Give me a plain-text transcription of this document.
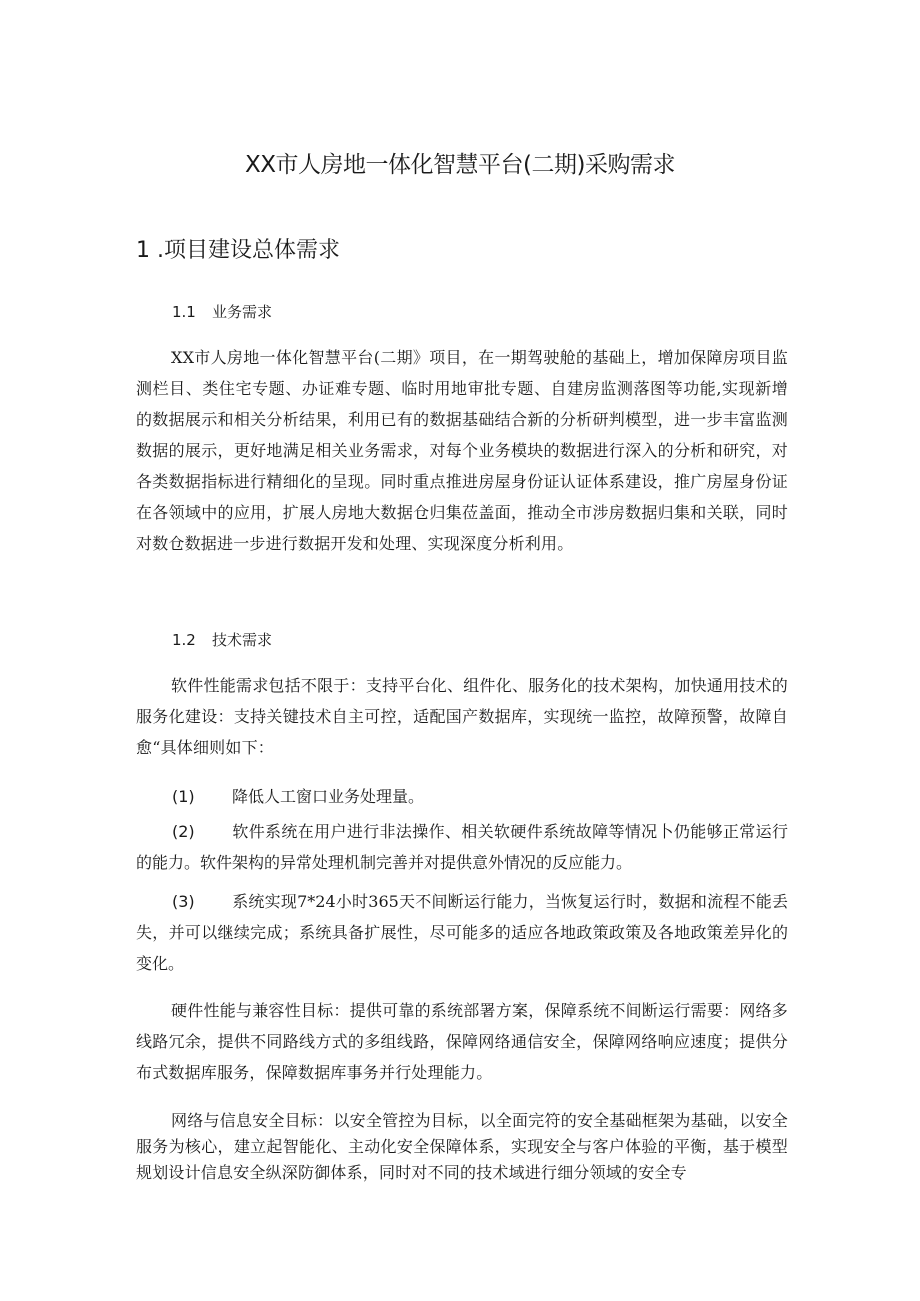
XX市人房地一体化智慧平台(二期)采购需求
1 .项目建设总体需求
1.1 业务需求

XX市人房地一体化智慧平台(二期》项目，在一期驾驶舱的基础上，增加保障房项目监测栏目、类住宅专题、办证难专题、临时用地审批专题、自建房监测落图等功能,实现新增的数据展示和相关分析结果，利用已有的数据基础结合新的分析研判模型，进一步丰富监测数据的展示，更好地满足相关业务需求，对每个业务模块的数据进行深入的分析和研究，对各类数据指标进行精细化的呈现。同时重点推进房屋身份证认证体系建设，推广房屋身份证在各领域中的应用，扩展人房地大数据仓归集莅盖面，推动全市涉房数据归集和关联，同时对数仓数据进一步进行数据开发和处理、实现深度分析利用。

1.2 技术需求

软件性能需求包括不限于：支持平台化、组件化、服务化的技术架构，加快通用技术的服务化建设：支持关键技术自主可控，适配国产数据库，实现统一监控，故障预警，故障自愈“具体细则如下：

(1) 降低人工窗口业务处理量。

(2) 软件系统在用户进行非法操作、相关软硬件系统故障等情况卜仍能够正常运行的能力。软件架构的异常处理机制完善并对提供意外情况的反应能力。

(3) 系统实现7*24小时365天不间断运行能力，当恢复运行时，数据和流程不能丢失，并可以继续完成；系统具备扩展性，尽可能多的适应各地政策政策及各地政策差异化的变化。

硬件性能与兼容性目标：提供可靠的系统部署方案，保障系统不间断运行需要：网络多线路冗余，提供不同路线方式的多组线路，保障网络通信安全，保障网络响应速度；提供分布式数据库服务，保障数据库事务并行处理能力。

网络与信息安全目标：以安全管控为目标，以全面完符的安全基础框架为基础，以安全服务为核心，建立起智能化、主动化安全保障体系，实现安全与客户体验的平衡，基于模型规划设计信息安全纵深防御体系，同时对不同的技术域进行细分领域的安全专
